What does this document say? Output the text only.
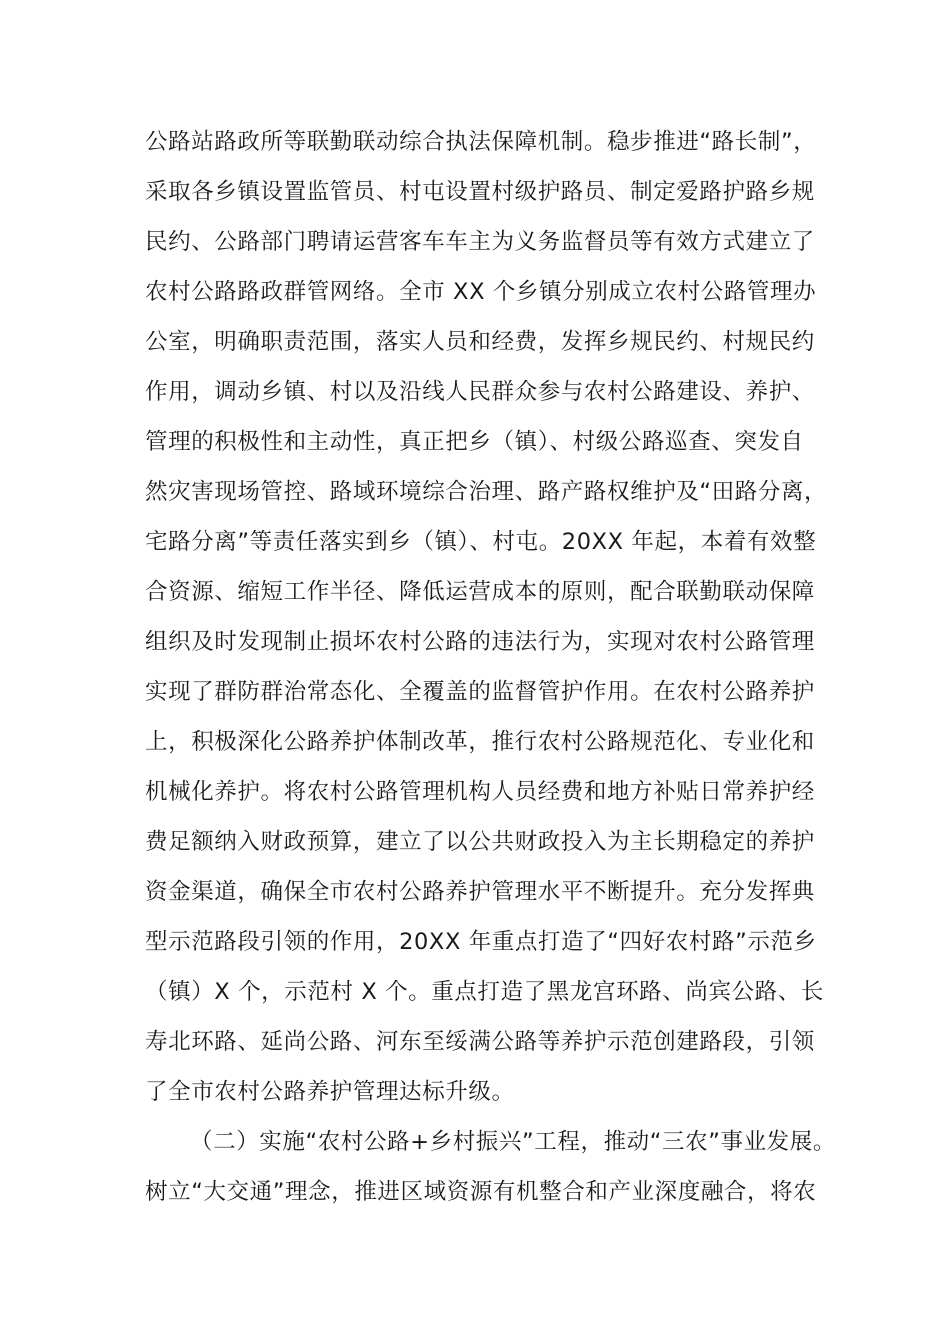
公路站路政所等联勤联动综合执法保障机制。稳步推进“路长制”，
采取各乡镇设置监管员、村屯设置村级护路员、制定爱路护路乡规
民约、公路部门聘请运营客车车主为义务监督员等有效方式建立了
农村公路路政群管网络。全市 XX 个乡镇分别成立农村公路管理办
公室，明确职责范围，落实人员和经费，发挥乡规民约、村规民约
作用，调动乡镇、村以及沿线人民群众参与农村公路建设、养护、
管理的积极性和主动性，真正把乡（镇）、村级公路巡查、突发自
然灾害现场管控、路域环境综合治理、路产路权维护及“田路分离，
宅路分离”等责任落实到乡（镇）、村屯。20XX 年起，本着有效整
合资源、缩短工作半径、降低运营成本的原则，配合联勤联动保障
组织及时发现制止损坏农村公路的违法行为，实现对农村公路管理
实现了群防群治常态化、全覆盖的监督管护作用。在农村公路养护
上，积极深化公路养护体制改革，推行农村公路规范化、专业化和
机械化养护。将农村公路管理机构人员经费和地方补贴日常养护经
费足额纳入财政预算，建立了以公共财政投入为主长期稳定的养护
资金渠道，确保全市农村公路养护管理水平不断提升。充分发挥典
型示范路段引领的作用，20XX 年重点打造了“四好农村路”示范乡
（镇）X 个，示范村 X 个。重点打造了黑龙宫环路、尚宾公路、长
寿北环路、延尚公路、河东至绥满公路等养护示范创建路段，引领
了全市农村公路养护管理达标升级。
（二）实施“农村公路+乡村振兴”工程，推动“三农”事业发展。
树立“大交通”理念，推进区域资源有机整合和产业深度融合，将农
